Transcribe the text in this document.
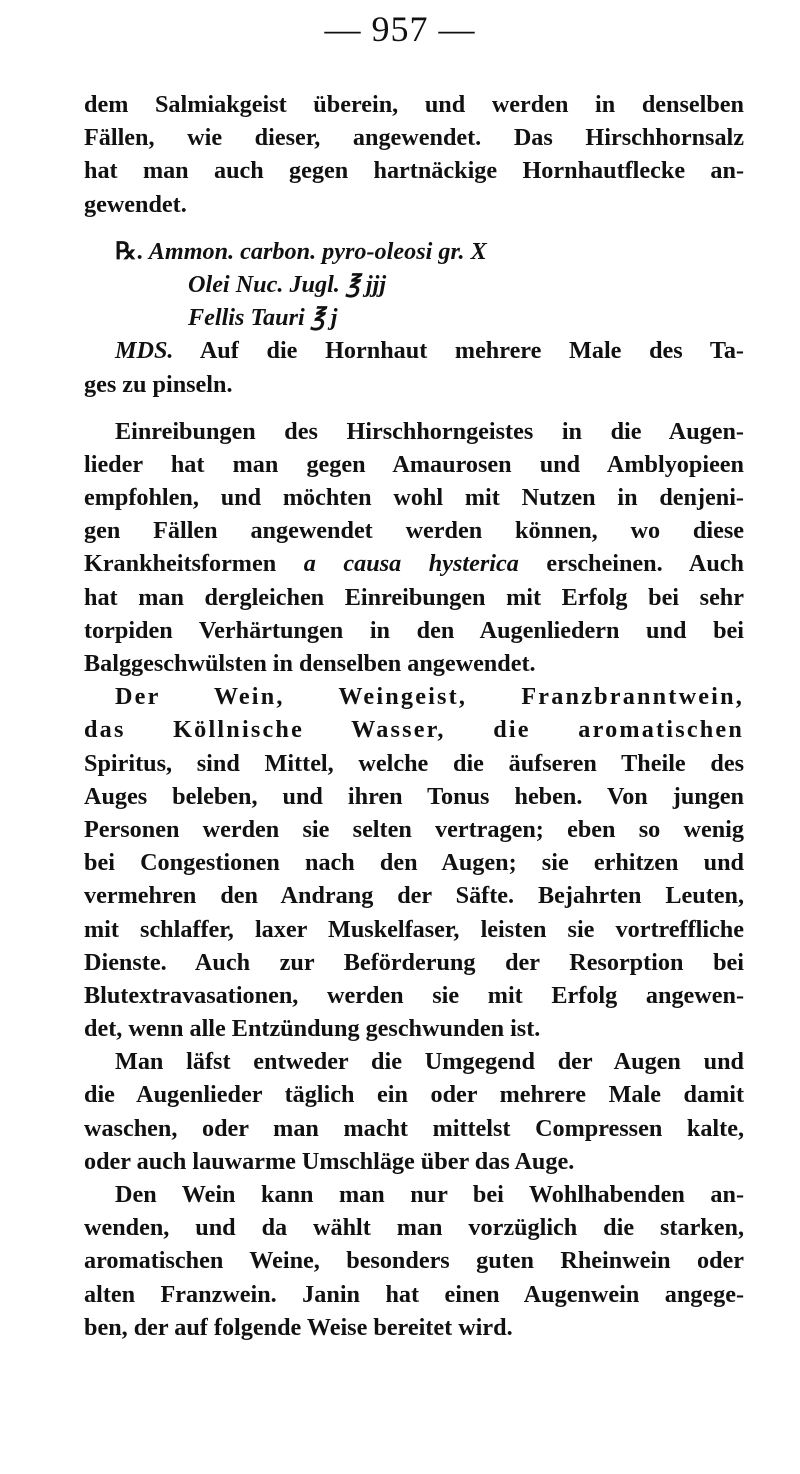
— 957 —
dem Salmiakgeist überein, und werden in denselben
Fällen, wie dieser, angewendet. Das Hirschhornsalz
hat man auch gegen hartnäckige Hornhautflecke an-
gewendet.
℞. Ammon. carbon. pyro-oleosi gr. X
Olei Nuc. Jugl. ℥ jjj
Fellis Tauri ℥ j
MDS. Auf die Hornhaut mehrere Male des Ta-
ges zu pinseln.
Einreibungen des Hirschhorngeistes in die Augen-
lieder hat man gegen Amaurosen und Amblyopieen
empfohlen, und möchten wohl mit Nutzen in denjeni-
gen Fällen angewendet werden können, wo diese
Krankheitsformen a causa hysterica erscheinen. Auch
hat man dergleichen Einreibungen mit Erfolg bei sehr
torpiden Verhärtungen in den Augenliedern und bei
Balggeschwülsten in denselben angewendet.
Der Wein, Weingeist, Franzbranntwein,
das Köllnische Wasser, die aromatischen
Spiritus, sind Mittel, welche die äufseren Theile des
Auges beleben, und ihren Tonus heben. Von jungen
Personen werden sie selten vertragen; eben so wenig
bei Congestionen nach den Augen; sie erhitzen und
vermehren den Andrang der Säfte. Bejahrten Leuten,
mit schlaffer, laxer Muskelfaser, leisten sie vortreffliche
Dienste. Auch zur Beförderung der Resorption bei
Blutextravasationen, werden sie mit Erfolg angewen-
det, wenn alle Entzündung geschwunden ist.
Man läfst entweder die Umgegend der Augen und
die Augenlieder täglich ein oder mehrere Male damit
waschen, oder man macht mittelst Compressen kalte,
oder auch lauwarme Umschläge über das Auge.
Den Wein kann man nur bei Wohlhabenden an-
wenden, und da wählt man vorzüglich die starken,
aromatischen Weine, besonders guten Rheinwein oder
alten Franzwein. Janin hat einen Augenwein angege-
ben, der auf folgende Weise bereitet wird.
